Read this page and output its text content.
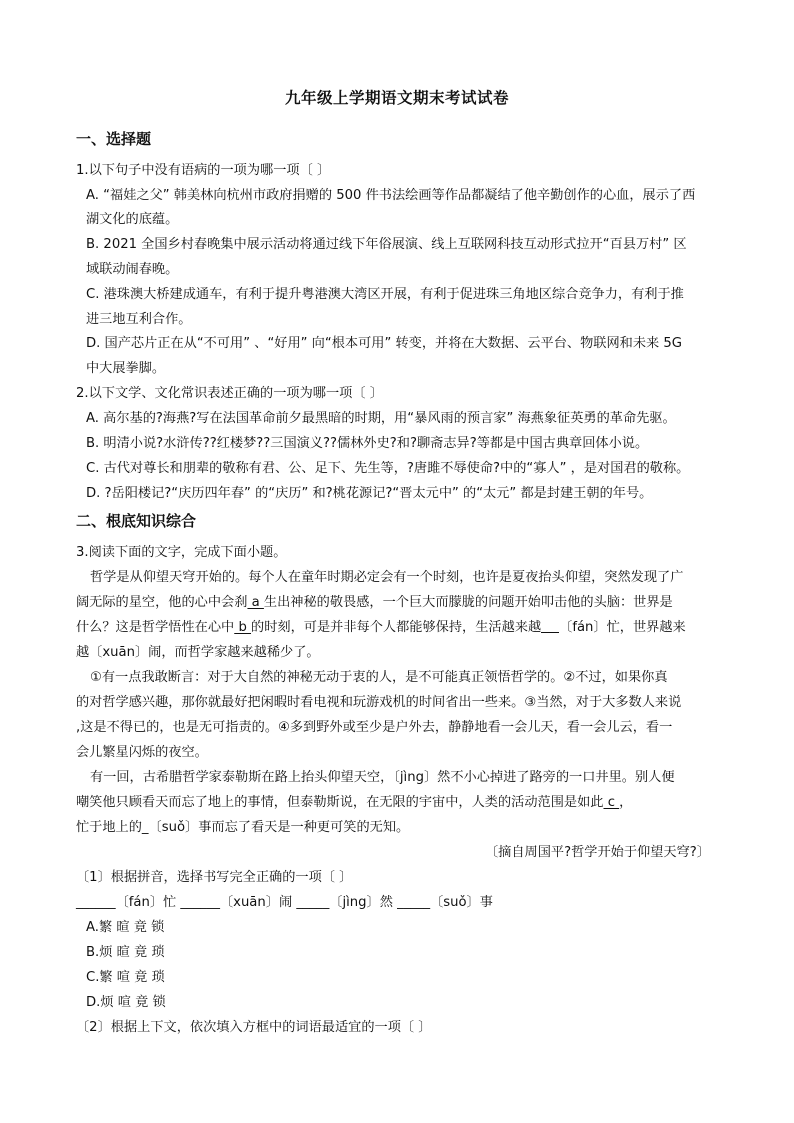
九年级上学期语文期末考试试卷
一、选择题
1.以下句子中没有语病的一项为哪一项〔 〕
A. “福娃之父” 韩美林向杭州市政府捐赠的 500 件书法绘画等作品都凝结了他辛勤创作的心血，展示了西
湖文化的底蕴。
B. 2021 全国乡村春晚集中展示活动将通过线下年俗展演、线上互联网科技互动形式拉开“百县万村” 区
域联动闹春晚。
C. 港珠澳大桥建成通车，有利于提升粤港澳大湾区开展，有利于促进珠三角地区综合竞争力，有利于推
进三地互利合作。
D. 国产芯片正在从“不可用” 、“好用” 向“根本可用” 转变，并将在大数据、云平台、物联网和未来 5G
中大展拳脚。
2.以下文学、文化常识表述正确的一项为哪一项〔 〕
A. 高尔基的?海燕?写在法国革命前夕最黑暗的时期，用“暴风雨的预言家” 海燕象征英勇的革命先驱。
B. 明清小说?水浒传??红楼梦??三国演义??儒林外史?和?聊斋志异?等都是中国古典章回体小说。
C. 古代对尊长和朋辈的敬称有君、公、足下、先生等，?唐雎不辱使命?中的“寡人” ，是对国君的敬称。
D. ?岳阳楼记?“庆历四年春” 的“庆历” 和?桃花源记?“晋太元中” 的“太元” 都是封建王朝的年号。
二、根底知识综合
3.阅读下面的文字，完成下面小题。
哲学是从仰望天穹开始的。每个人在童年时期必定会有一个时刻，也许是夏夜抬头仰望，突然发现了广
阔无际的星空，他的心中会刹 a 生出神秘的敬畏感，一个巨大而朦胧的问题开始叩击他的头脑：世界是
什么？这是哲学悟性在心中 b 的时刻，可是并非每个人都能够保持，生活越来越 〔fán〕忙，世界越来
越〔xuān〕闹，而哲学家越来越稀少了。
①有一点我敢断言：对于大自然的神秘无动于衷的人，是不可能真正领悟哲学的。②不过，如果你真
的对哲学感兴趣，那你就最好把闲暇时看电视和玩游戏机的时间省出一些来。③当然，对于大多数人来说
,这是不得已的，也是无可指责的。④多到野外或至少是户外去，静静地看一会儿天，看一会儿云，看一
会儿繁星闪烁的夜空。
有一回，古希腊哲学家泰勒斯在路上抬头仰望天空，〔jìng〕然不小心掉进了路旁的一口井里。别人便
嘲笑他只顾看天而忘了地上的事情，但泰勒斯说，在无限的宇宙中，人类的活动范围是如此 c ，
忙于地上的_〔suǒ〕事而忘了看天是一种更可笑的无知。
〔摘自周国平?哲学开始于仰望天穹?〕
〔1〕根据拼音，选择书写完全正确的一项〔 〕
______〔fán〕忙 ______〔xuān〕闹 _____〔jìng〕然 _____〔suǒ〕事
A.繁 暄 竟 锁
B.烦 暄 竟 琐
C.繁 喧 竟 琐
D.烦 喧 竟 锁
〔2〕根据上下文，依次填入方框中的词语最适宜的一项〔 〕
